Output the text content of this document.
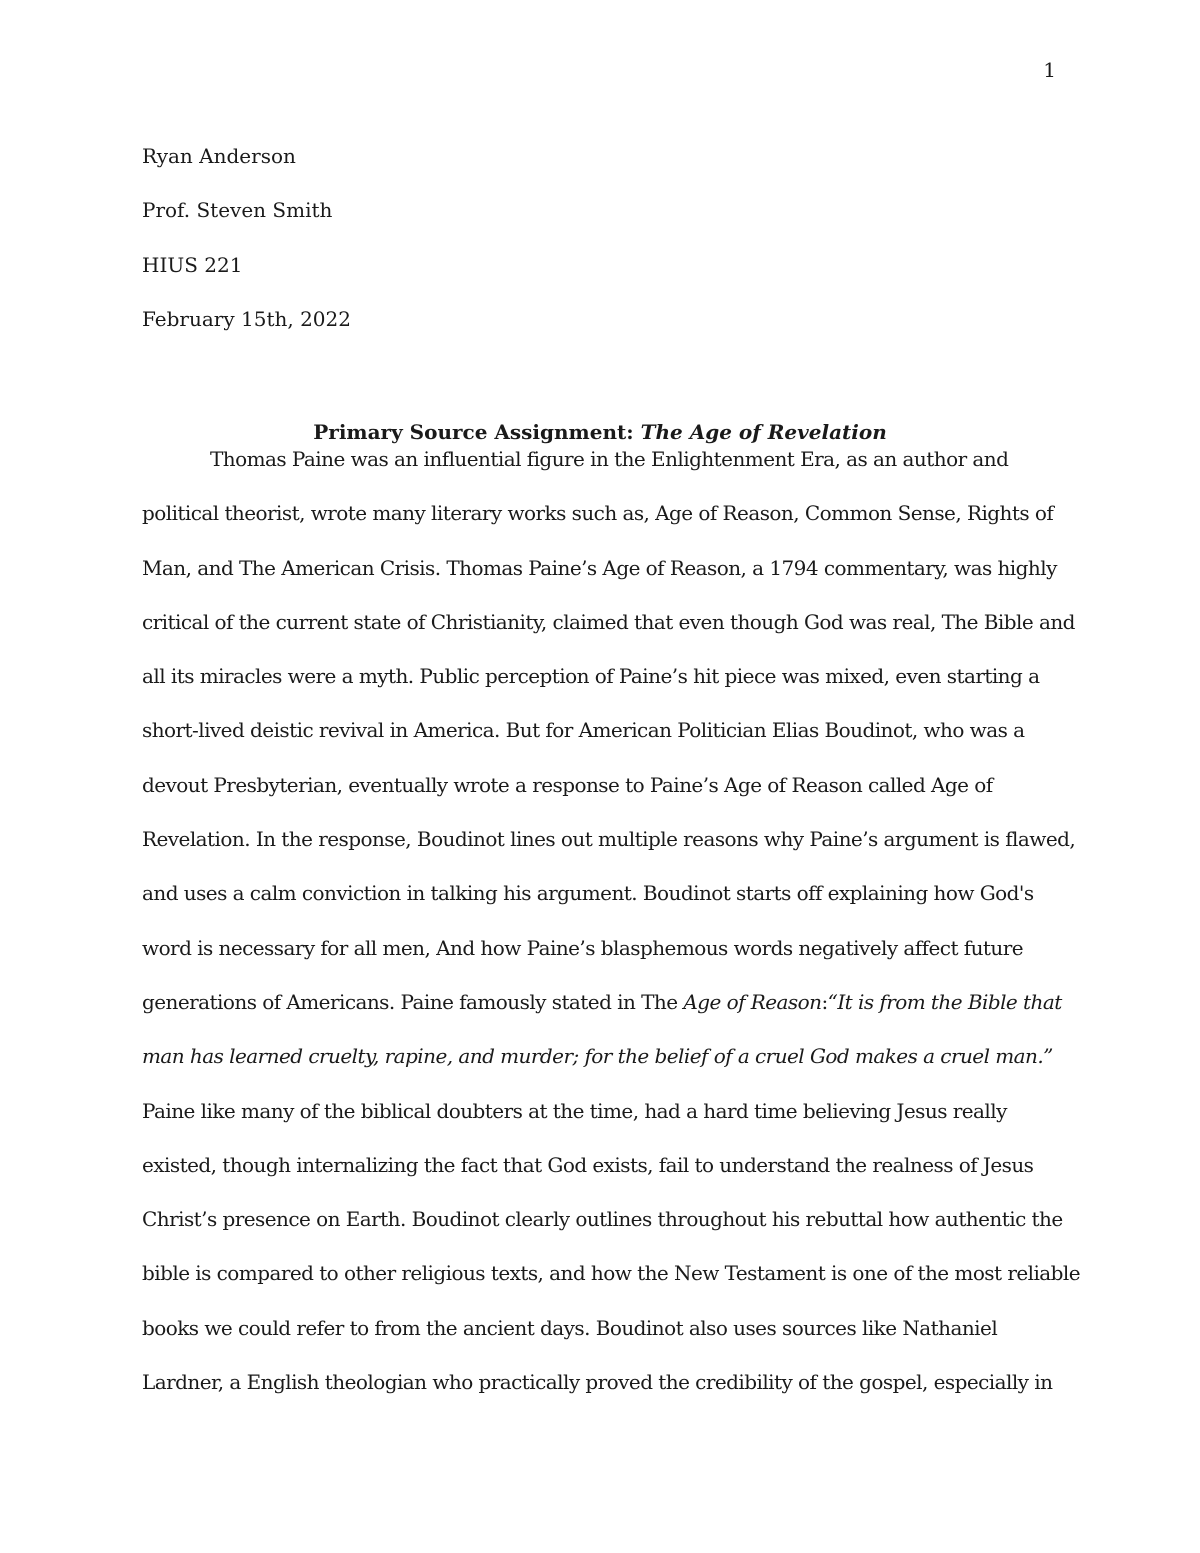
1
Ryan Anderson
Prof. Steven Smith
HIUS 221
February 15th, 2022
Primary Source Assignment: The Age of Revelation
Thomas Paine was an influential figure in the Enlightenment Era, as an author and
political theorist, wrote many literary works such as, Age of Reason, Common Sense, Rights of
Man, and The American Crisis. Thomas Paine’s Age of Reason, a 1794 commentary, was highly
critical of the current state of Christianity, claimed that even though God was real, The Bible and
all its miracles were a myth. Public perception of Paine’s hit piece was mixed, even starting a
short-lived deistic revival in America. But for American Politician Elias Boudinot, who was a
devout Presbyterian, eventually wrote a response to Paine’s Age of Reason called Age of
Revelation. In the response, Boudinot lines out multiple reasons why Paine’s argument is flawed,
and uses a calm conviction in talking his argument. Boudinot starts off explaining how God's
word is necessary for all men, And how Paine’s blasphemous words negatively affect future
generations of Americans. Paine famously stated in The Age of Reason:“It is from the Bible that
man has learned cruelty, rapine, and murder; for the belief of a cruel God makes a cruel man.”
Paine like many of the biblical doubters at the time, had a hard time believing Jesus really
existed, though internalizing the fact that God exists, fail to understand the realness of Jesus
Christ’s presence on Earth. Boudinot clearly outlines throughout his rebuttal how authentic the
bible is compared to other religious texts, and how the New Testament is one of the most reliable
books we could refer to from the ancient days. Boudinot also uses sources like Nathaniel
Lardner, a English theologian who practically proved the credibility of the gospel, especially in
